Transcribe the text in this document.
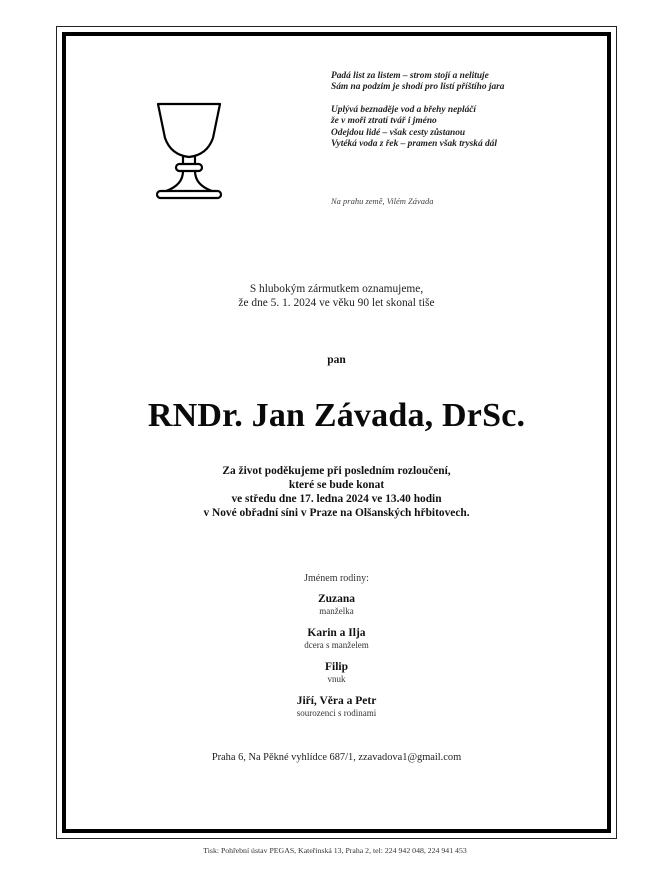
Padá list za listem – strom stojí a nelituje
Sám na podzim je shodí pro listí příštího jara
Uplývá beznaděje vod a břehy nepláčí
že v moři ztratí tvář i jméno
Odejdou lidé – však cesty zůstanou
Vytéká voda z řek – pramen však tryská dál
Na prahu země, Vilém Závada
S hlubokým zármutkem oznamujeme,
že dne 5. 1. 2024 ve věku 90 let skonal tiše
pan
RNDr. Jan Závada, DrSc.
Za život poděkujeme při posledním rozloučení,
které se bude konat
ve středu dne 17. ledna 2024 ve 13.40 hodin
v Nové obřadní síni v Praze na Olšanských hřbitovech.
Jménem rodiny:
Zuzana
manželka
Karin a Ilja
dcera s manželem
Filip
vnuk
Jiří, Věra a Petr
sourozenci s rodinami
Praha 6, Na Pěkné vyhlídce 687/1, zzavadova1@gmail.com
Tisk: Pohřební ústav PEGAS, Kateřinská 13, Praha 2, tel: 224 942 048, 224 941 453
